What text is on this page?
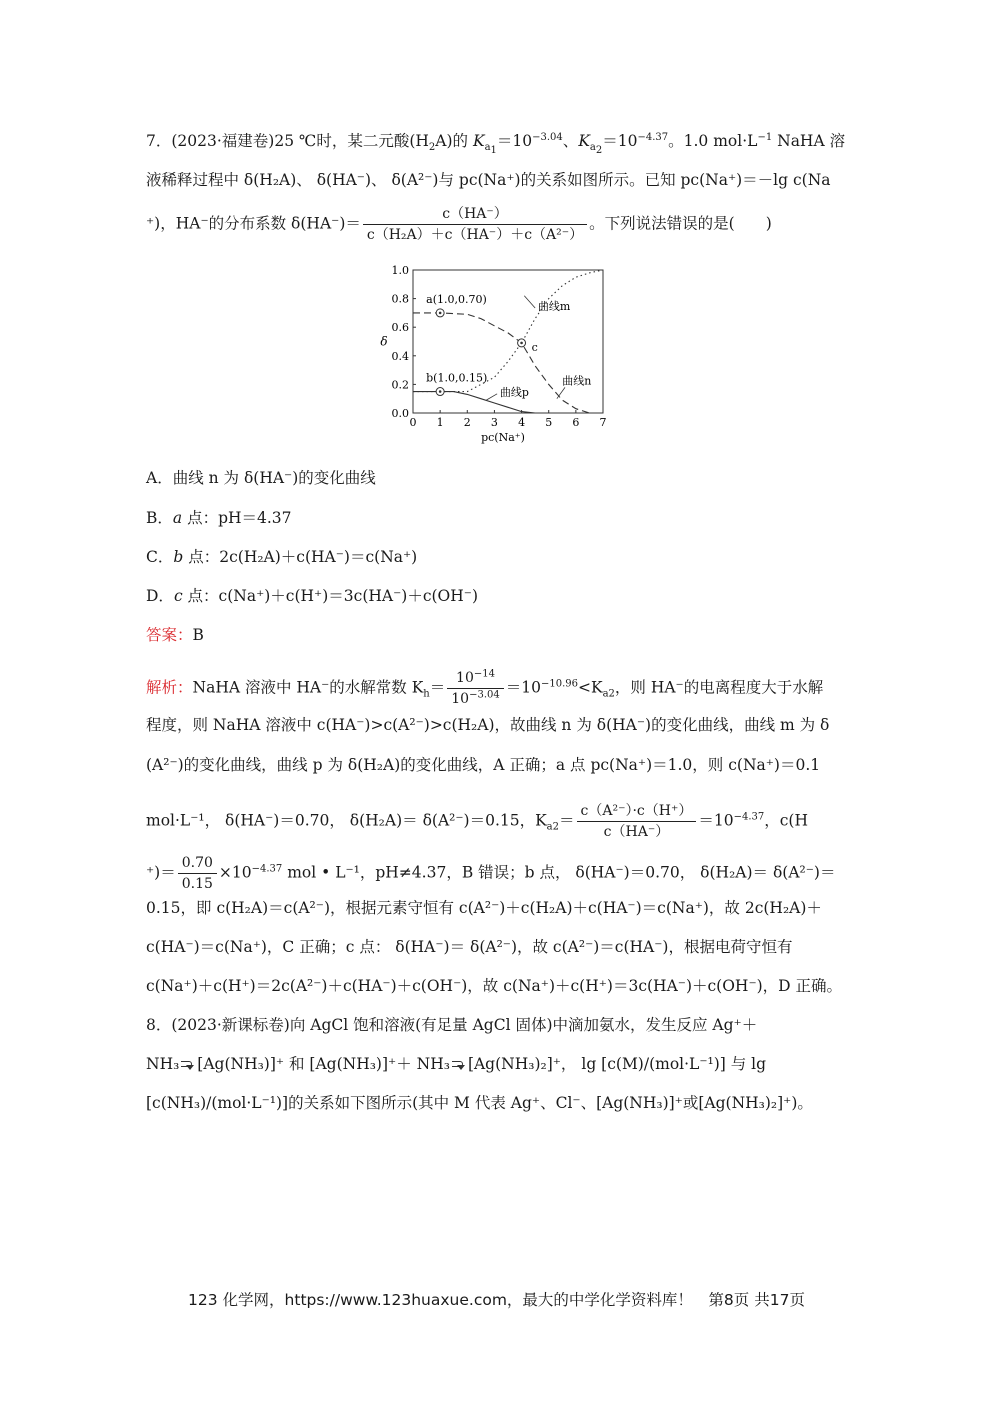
7．(2023·福建卷)25 ℃时，某二元酸$(H_2A)$的 $K_{a_1}=10^{-3.04}$、$K_{a_2}=10^{-4.37}$。1.0 $mol\cdot L^{-1}$ NaHA 溶
液稀释过程中 δ(H₂A)、 δ(HA⁻)、 δ(A²⁻)与 pc(Na⁺)的关系如图所示。已知 pc(Na⁺)＝－lg c(Na
⁺)，HA⁻的分布系数 $\delta(HA^-)= \frac{c(HA^-)}{\text{c（H₂A）＋c（HA⁻）＋c（A²⁻）}}$ 。下列说法错误的是(　　)
0 1 2 3 4 5 6 7
0.0
0.2
0.4
0.6
0.8
1.0
pc(Na⁺)
δ
a(1.0,0.70)
b(1.0,0.15)
c
曲线m
曲线n
曲线p
A．曲线 n 为 δ(HA⁻)的变化曲线
B．a 点：pH＝4.37
C．b 点：2c(H₂A)＋c(HA⁻)＝c(Na⁺)
D．c 点：c(Na⁺)＋c(H⁺)＝3c(HA⁻)＋c(OH⁻)
答案：B
解析：NaHA 溶液中 HA⁻的水解常数 $K_h= \frac{10^{-14}}{10^{-3.04}} =10^{-10.96}<K_{a2}$，则 HA⁻的电离程度大于水解
程度，则 NaHA 溶液中 c(HA⁻)>c(A²⁻)>c(H₂A)，故曲线 n 为 δ(HA⁻)的变化曲线，曲线 m 为 δ
(A²⁻)的变化曲线，曲线 p 为 δ(H₂A)的变化曲线，A 正确；a 点 pc(Na⁺)＝1.0，则 c(Na⁺)＝0.1
mol·L⁻¹， δ(HA⁻)＝0.70， δ(H₂A)＝ δ(A²⁻)＝0.15，$K_{a2}= \frac{\text{c（A²⁻）·c（H⁺）}}{c(HA^-)} =10^{-4.37}$，c(H
⁺)＝ $\frac{0.70}{0.15} \times 10^{-4.37}$ mol • L⁻¹，pH≠4.37，B 错误；b 点， δ(HA⁻)＝0.70， δ(H₂A)＝ δ(A²⁻)＝
0.15，即 c(H₂A)＝c(A²⁻)，根据元素守恒有 c(A²⁻)＋c(H₂A)＋c(HA⁻)＝c(Na⁺)，故 2c(H₂A)＋
c(HA⁻)＝c(Na⁺)，C 正确；c 点： δ(HA⁻)＝ δ(A²⁻)，故 c(A²⁻)＝c(HA⁻)，根据电荷守恒有
c(Na⁺)＋c(H⁺)＝2c(A²⁻)＋c(HA⁻)＋c(OH⁻)，故 c(Na⁺)＋c(H⁺)＝3c(HA⁻)＋c(OH⁻)，D 正确。
8．(2023·新课标卷)向 AgCl 饱和溶液(有足量 AgCl 固体)中滴加氨水，发生反应 Ag⁺＋
NH₃ [Ag(NH₃)]⁺ 和 [Ag(NH₃)]⁺＋ NH₃ [Ag(NH₃)₂]⁺， lg [c(M)/(mol·L⁻¹)] 与 lg
[c(NH₃)/(mol·L⁻¹)]的关系如下图所示(其中 M 代表 Ag⁺、Cl⁻、[Ag(NH₃)]⁺或[Ag(NH₃)₂]⁺)。
123 化学网，https://www.123huaxue.com，最大的中学化学资料库！　第8页 共17页
